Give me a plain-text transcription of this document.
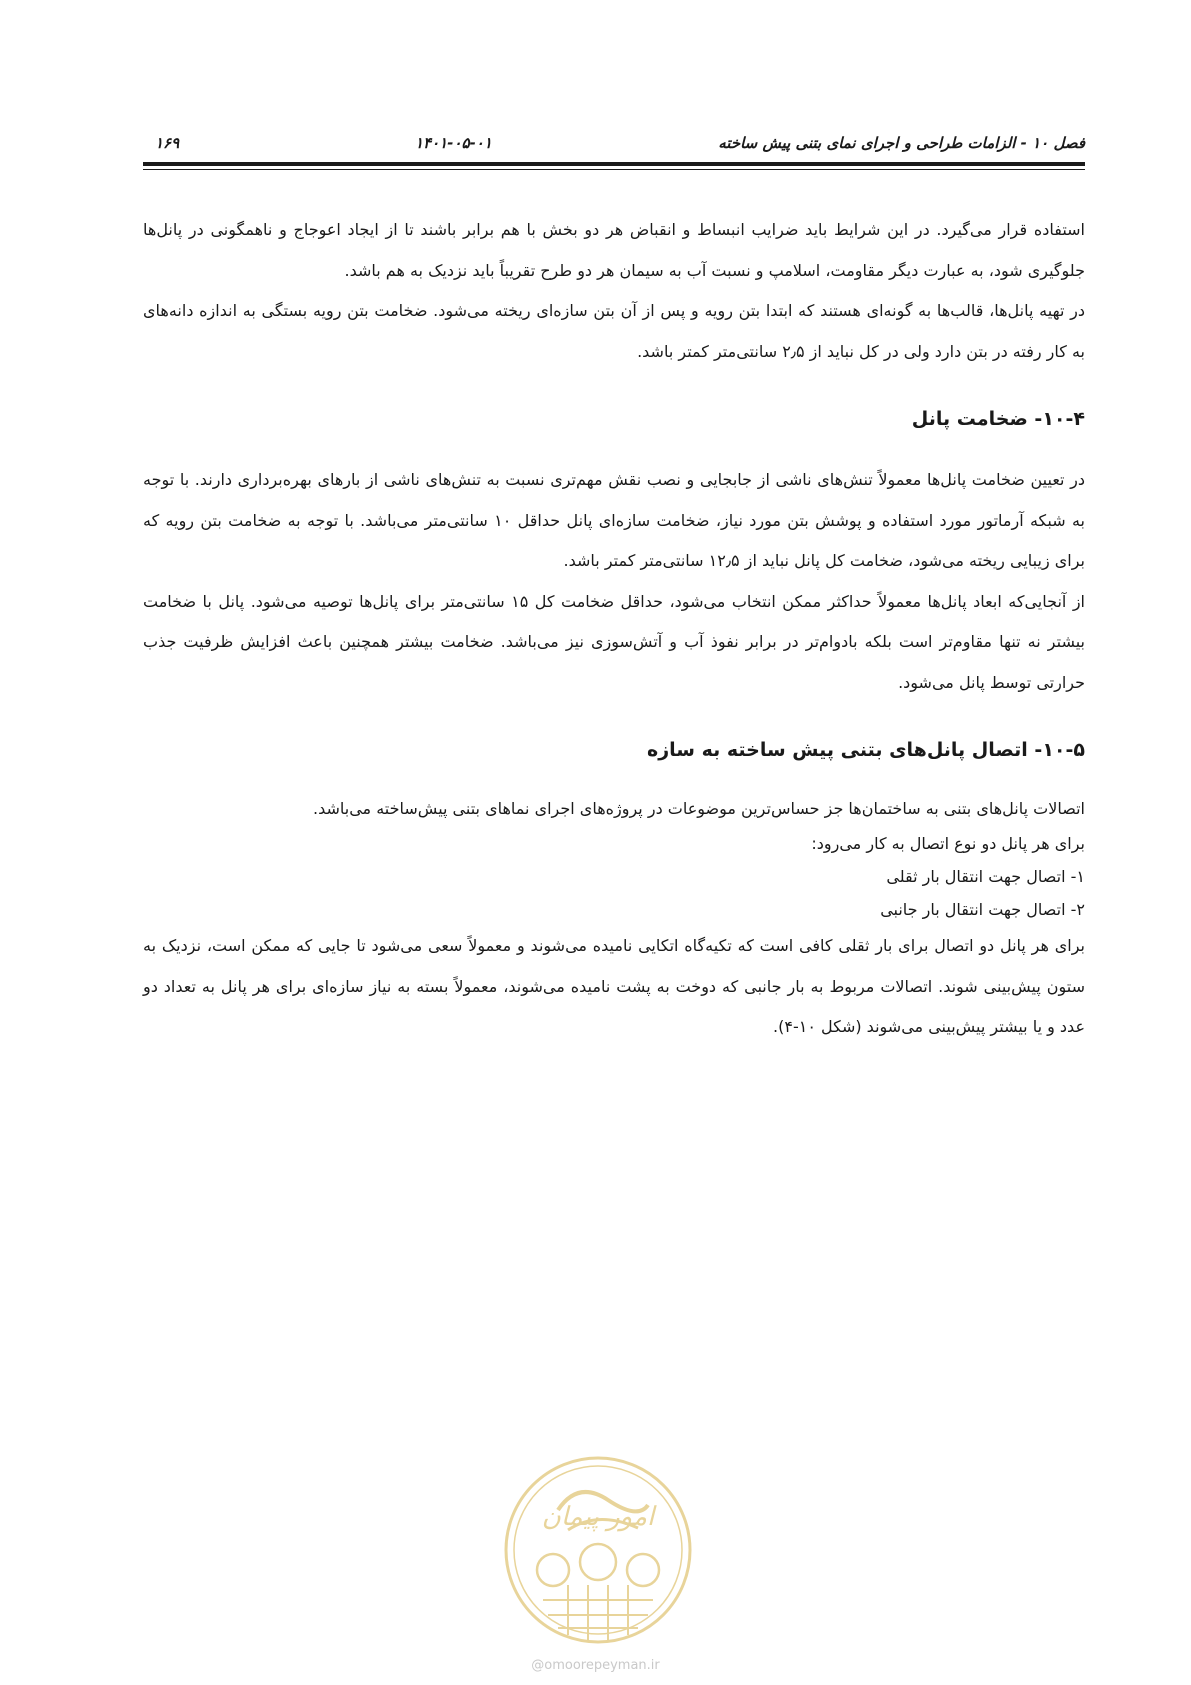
فصل ۱۰ - الزامات طراحی و اجرای نمای بتنی پیش ساخته
۱۴۰۱-۰۵-۰۱
۱۶۹

استفاده قرار می‌گیرد. در این شرایط باید ضرایب انبساط و انقباض هر دو بخش با هم برابر باشند تا از ایجاد اعوجاج و ناهمگونی در پانل‌ها جلوگیری شود، به عبارت دیگر مقاومت، اسلامپ و نسبت آب به سیمان هر دو طرح تقریباً باید نزدیک به هم باشد.

در تهیه پانل‌ها، قالب‌ها به گونه‌ای هستند که ابتدا بتن رویه و پس از آن بتن سازه‌ای ریخته می‌شود. ضخامت بتن رویه بستگی به اندازه دانه‌های به کار رفته در بتن دارد ولی در کل نباید از ۲٫۵ سانتی‌متر کمتر باشد.

۱۰-۴- ضخامت پانل

در تعیین ضخامت پانل‌ها معمولاً تنش‌های ناشی از جابجایی و نصب نقش مهم‌تری نسبت به تنش‌های ناشی از بارهای بهره‌برداری دارند. با توجه به شبکه آرماتور مورد استفاده و پوشش بتن مورد نیاز، ضخامت سازه‌ای پانل حداقل ۱۰ سانتی‌متر می‌باشد. با توجه به ضخامت بتن رویه که برای زیبایی ریخته می‌شود، ضخامت کل پانل نباید از ۱۲٫۵ سانتی‌متر کمتر باشد.

از آنجایی‌که ابعاد پانل‌ها معمولاً حداکثر ممکن انتخاب می‌شود، حداقل ضخامت کل ۱۵ سانتی‌متر برای پانل‌ها توصیه می‌شود. پانل با ضخامت بیشتر نه تنها مقاوم‌تر است بلکه بادوام‌تر در برابر نفوذ آب و آتش‌سوزی نیز می‌باشد. ضخامت بیشتر همچنین باعث افزایش ظرفیت جذب حرارتی توسط پانل می‌شود.

۱۰-۵- اتصال پانل‌های بتنی پیش ساخته به سازه

اتصالات پانل‌های بتنی به ساختمان‌ها جز حساس‌ترین موضوعات در پروژه‌های اجرای نماهای بتنی پیش‌ساخته می‌باشد.

برای هر پانل دو نوع اتصال به کار می‌رود:

۱- اتصال جهت انتقال بار ثقلی

۲- اتصال جهت انتقال بار جانبی

برای هر پانل دو اتصال برای بار ثقلی کافی است که تکیه‌گاه اتکایی نامیده می‌شوند و معمولاً سعی می‌شود تا جایی که ممکن است، نزدیک به ستون پیش‌بینی شوند. اتصالات مربوط به بار جانبی که دوخت به پشت نامیده می‌شوند، معمولاً بسته به نیاز سازه‌ای برای هر پانل به تعداد دو عدد و یا بیشتر پیش‌بینی می‌شوند (شکل ۱۰-۴).

امور پیمان
@omoorepeyman.ir
